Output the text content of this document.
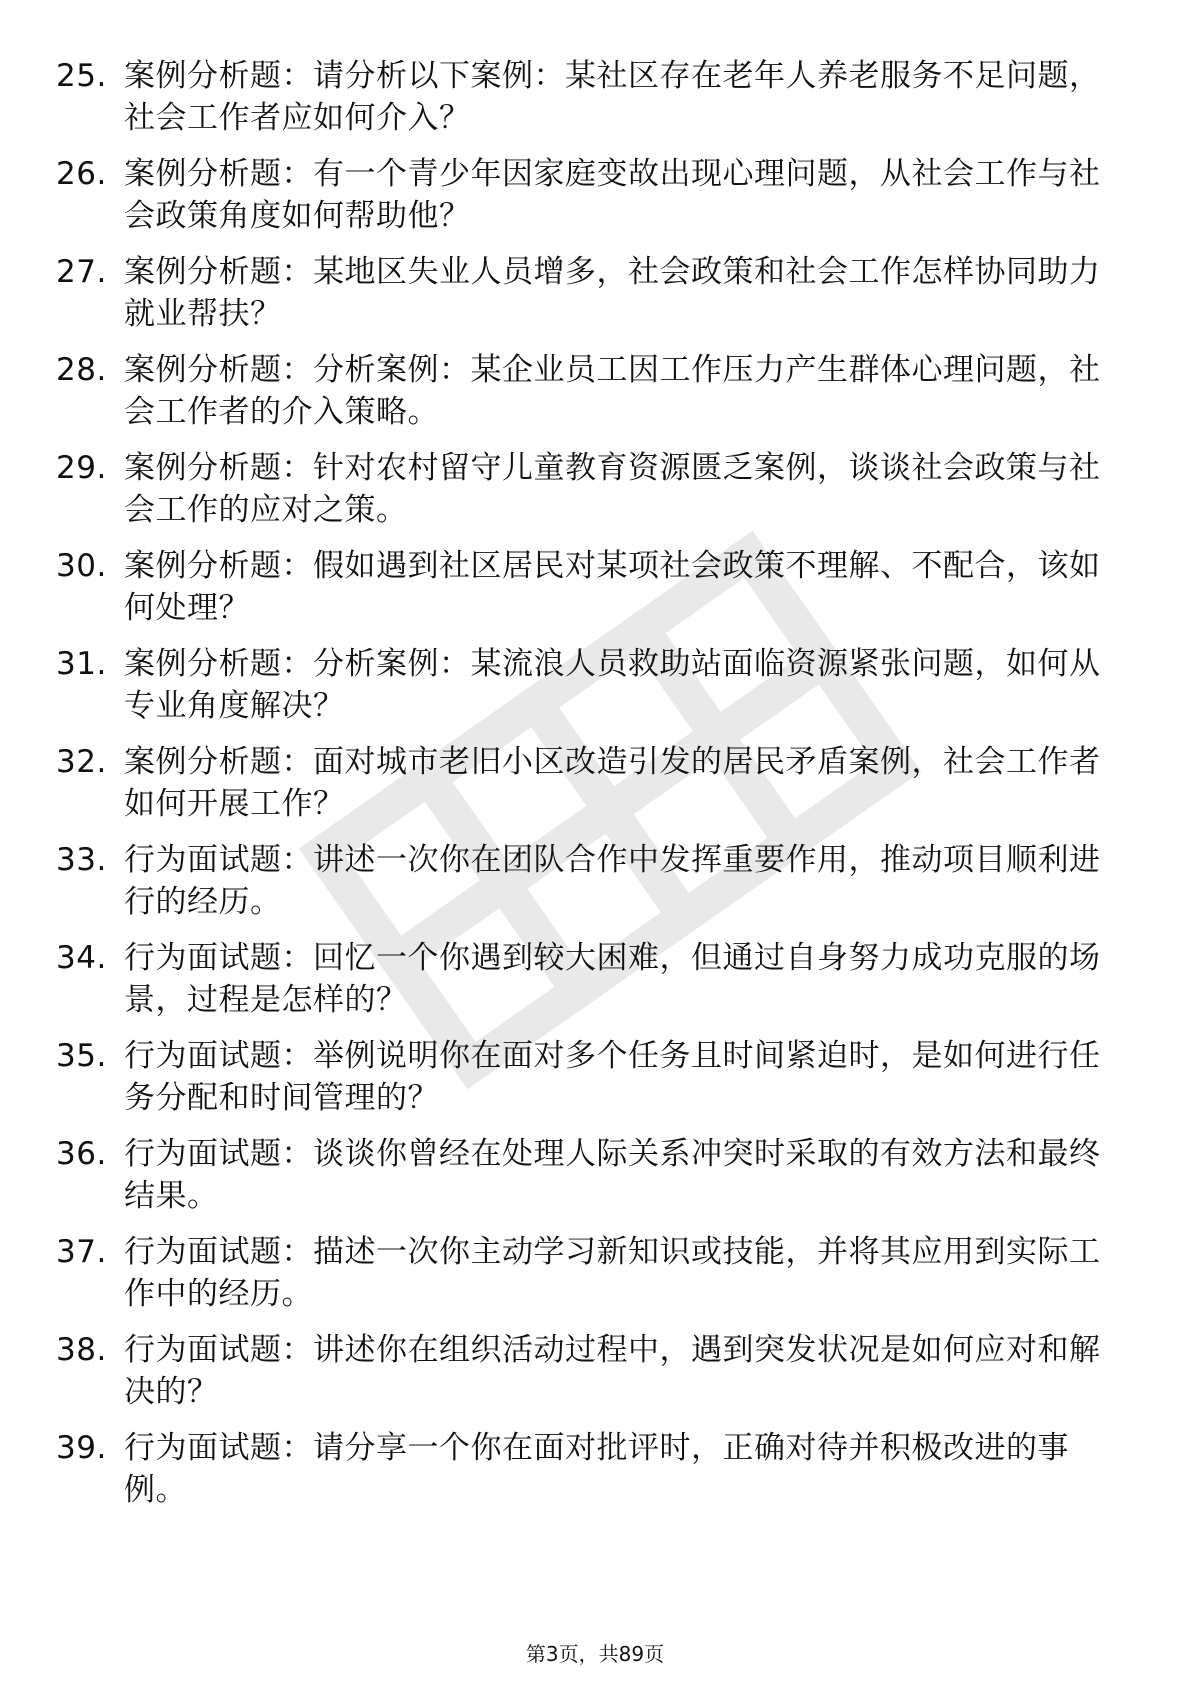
25. 案例分析题：请分析以下案例：某社区存在老年人养老服务不足问题，社会工作者应如何介入？
26. 案例分析题：有一个青少年因家庭变故出现心理问题，从社会工作与社会政策角度如何帮助他？
27. 案例分析题：某地区失业人员增多，社会政策和社会工作怎样协同助力就业帮扶？
28. 案例分析题：分析案例：某企业员工因工作压力产生群体心理问题，社会工作者的介入策略。
29. 案例分析题：针对农村留守儿童教育资源匮乏案例，谈谈社会政策与社会工作的应对之策。
30. 案例分析题：假如遇到社区居民对某项社会政策不理解、不配合，该如何处理？
31. 案例分析题：分析案例：某流浪人员救助站面临资源紧张问题，如何从专业角度解决？
32. 案例分析题：面对城市老旧小区改造引发的居民矛盾案例，社会工作者如何开展工作？
33. 行为面试题：讲述一次你在团队合作中发挥重要作用，推动项目顺利进行的经历。
34. 行为面试题：回忆一个你遇到较大困难，但通过自身努力成功克服的场景，过程是怎样的？
35. 行为面试题：举例说明你在面对多个任务且时间紧迫时，是如何进行任务分配和时间管理的？
36. 行为面试题：谈谈你曾经在处理人际关系冲突时采取的有效方法和最终结果。
37. 行为面试题：描述一次你主动学习新知识或技能，并将其应用到实际工作中的经历。
38. 行为面试题：讲述你在组织活动过程中，遇到突发状况是如何应对和解决的？
39. 行为面试题：请分享一个你在面对批评时，正确对待并积极改进的事例。
第3页，共89页
